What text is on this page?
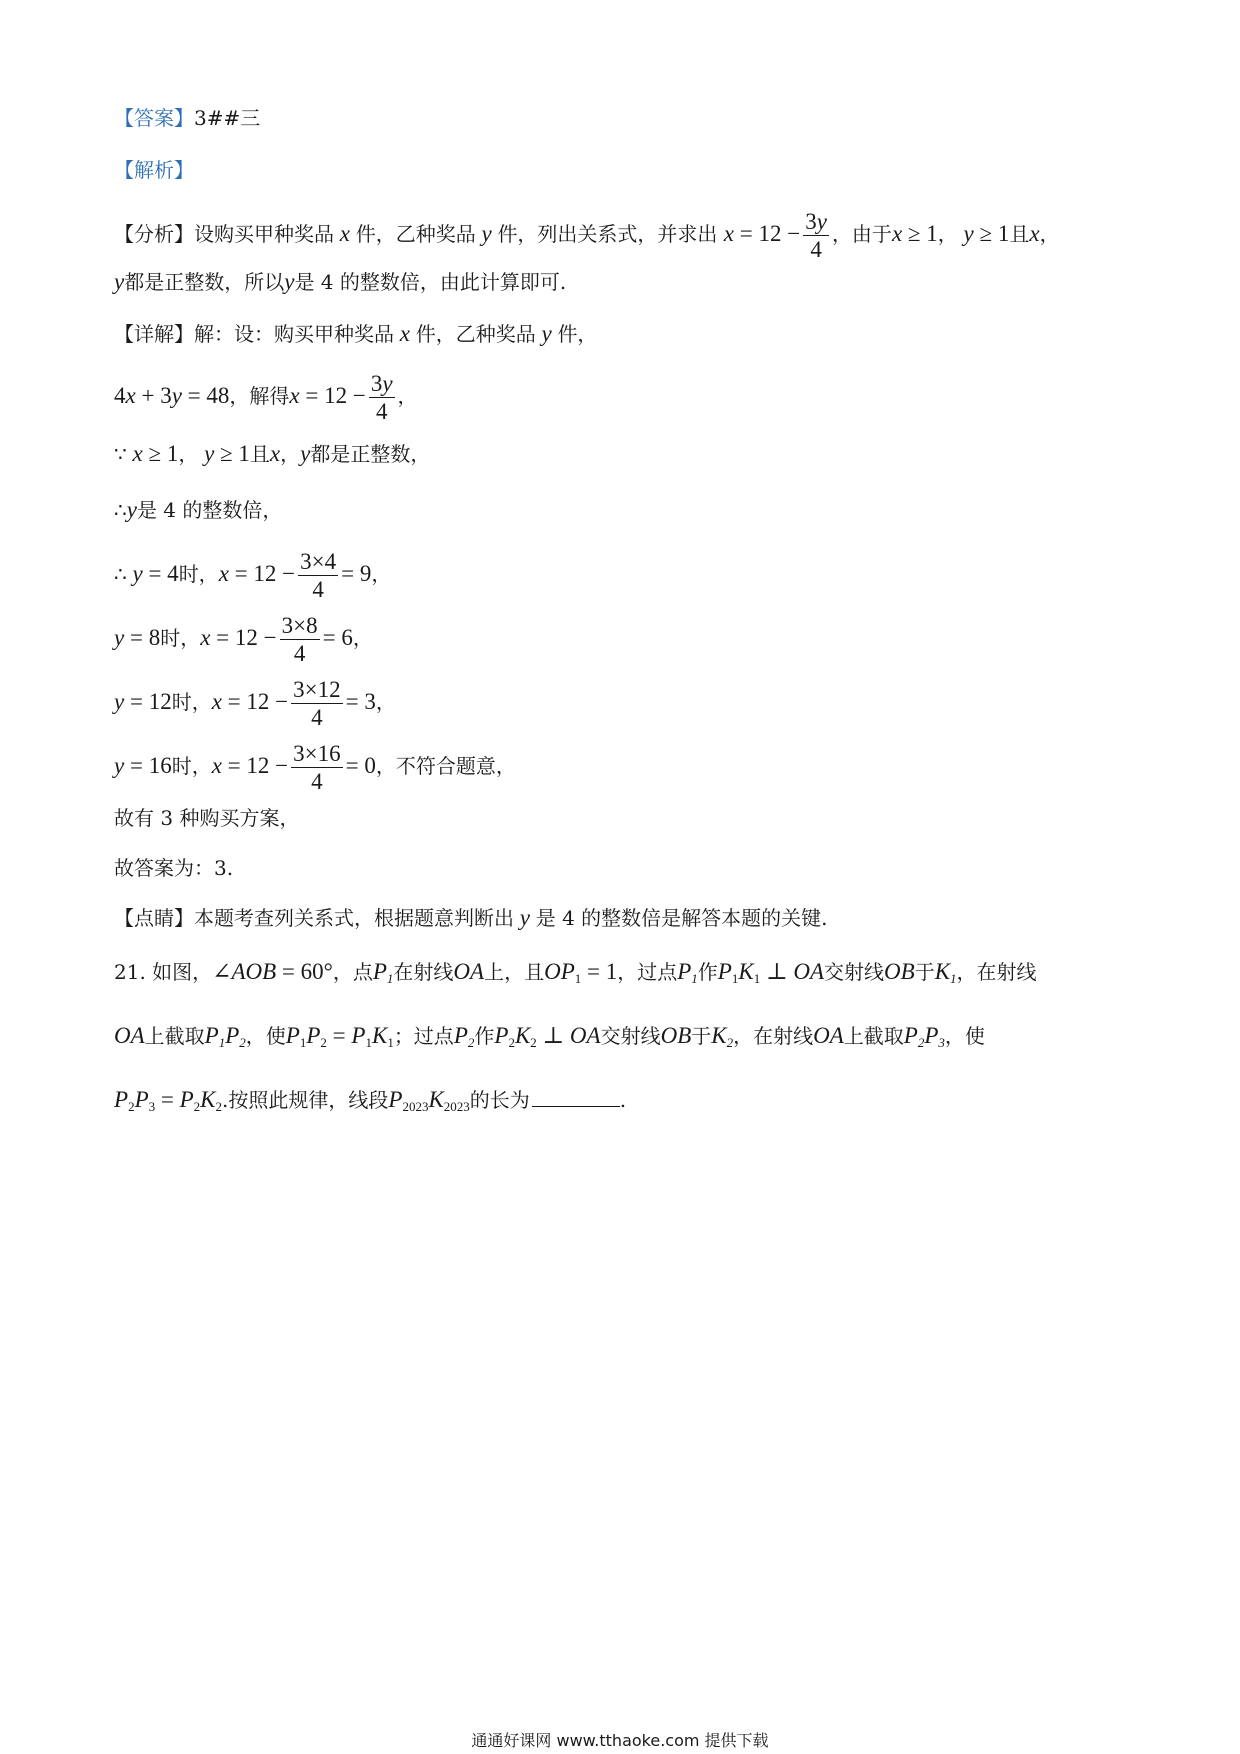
【答案】3##三
【解析】
【分析】设购买甲种奖品 x 件，乙种奖品 y 件，列出关系式，并求出 $x = 12 - \frac{3y}{4}$ ，由于x ≥ 1， y ≥ 1且x，
y都是正整数，所以y是 4 的整数倍，由此计算即可.
【详解】解：设：购买甲种奖品 x 件，乙种奖品 y 件，
4x + 3y = 48，解得$x = 12 - \frac{3y}{4}$ ，
∵ x ≥ 1， y ≥ 1且x，y都是正整数，
∴y是 4 的整数倍，
∴ y = 4时，$x = 12 - \frac{3\times 4}{4} = 9$，
y = 8时，$x = 12 - \frac{3\times 8}{4} = 6$，
y = 12时，$x = 12 - \frac{3\times 12}{4} = 3$，
y = 16时，$x = 12 - \frac{3\times 16}{4} = 0$，不符合题意，
故有 3 种购买方案，
故答案为：3.
【点睛】本题考查列关系式，根据题意判断出 y 是 4 的整数倍是解答本题的关键.
21. 如图，∠AOB = 60°，点$P_1$在射线OA上，且$OP_1 = 1$，过点$P_1$作$P_1K_1$ ⊥ OA交射线OB于$K_1$，在射线
OA上截取$P_1P_2$，使$P_1P_2 = P_1K_1$；过点$P_2$作$P_2K_2$ ⊥ OA交射线OB于$K_2$，在射线OA上截取$P_2P_3$，使
$P_2P_3 = P_2K_2$.按照此规律，线段$P_{2023}K_{2023}$的长为	.
通通好课网 www.tthaoke.com 提供下载
